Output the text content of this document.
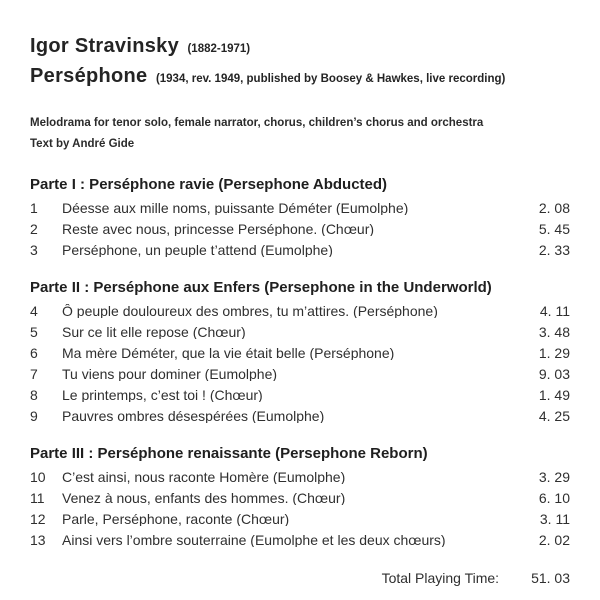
Igor Stravinsky (1882-1971)
Perséphone (1934, rev. 1949, published by Boosey & Hawkes, live recording)

Melodrama for tenor solo, female narrator, chorus, children’s chorus and orchestra

Text by André Gide

Parte I : Perséphone ravie (Persephone Abducted)
1	Déesse aux mille noms, puissante Déméter (Eumolphe)	2. 08
2	Reste avec nous, princesse Perséphone. (Chœur)	5. 45
3	Perséphone, un peuple t’attend (Eumolphe)	2. 33
Parte II : Perséphone aux Enfers (Persephone in the Underworld)
4	Ô peuple douloureux des ombres, tu m’attires. (Perséphone)	4. 11
5	Sur ce lit elle repose (Chœur)	3. 48
6	Ma mère Déméter, que la vie était belle (Perséphone)	1. 29
7	Tu viens pour dominer (Eumolphe)	9. 03
8	Le printemps, c’est toi ! (Chœur)	1. 49
9	Pauvres ombres désespérées (Eumolphe)	4. 25
Parte III : Perséphone renaissante (Persephone Reborn)
10	C’est ainsi, nous raconte Homère (Eumolphe)	3. 29
11	Venez à nous, enfants des hommes. (Chœur)	6. 10
12	Parle, Perséphone, raconte (Chœur)	3. 11
13	Ainsi vers l’ombre souterraine (Eumolphe et les deux chœurs)	2. 02
Total Playing Time: 51. 03
